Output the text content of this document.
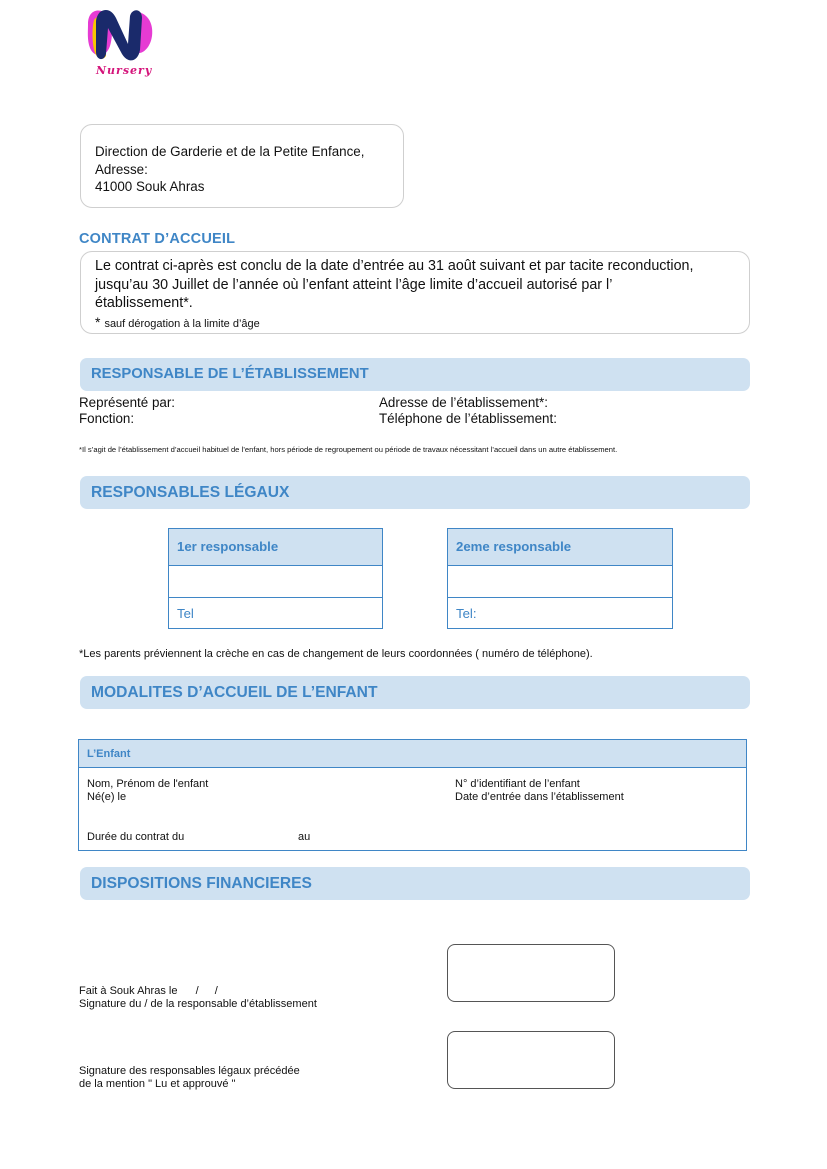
Nursery
Direction de Garderie et de la Petite Enfance,
Adresse:
41000 Souk Ahras
CONTRAT D’ACCUEIL
Le contrat ci-après est conclu de la date d’entrée au 31 août suivant et par tacite reconduction,
jusqu’au 30 Juillet de l’année où l’enfant atteint l’âge limite d’accueil autorisé par l’
établissement*.
* sauf dérogation à la limite d’âge
RESPONSABLE DE L’ÉTABLISSEMENT
Représenté par:
Fonction:
Adresse de l’établissement*:
Téléphone de l’établissement:
*Il s’agit de l’établissement d’accueil habituel de l’enfant, hors période de regroupement ou période de travaux nécessitant l’accueil dans un autre établissement.
RESPONSABLES LÉGAUX
1er responsable
Tel
2eme responsable
Tel:
*Les parents préviennent la crèche en cas de changement de leurs coordonnées ( numéro de téléphone).
MODALITES D’ACCUEIL DE L’ENFANT
L’Enfant
Nom, Prénom de l'enfant
Né(e) le
N° d’identifiant de l’enfant
Date d’entrée dans l’établissement
Durée du contrat du	au
DISPOSITIONS FINANCIERES
Fait à Souk Ahras le / /
Signature du / de la responsable d’établissement
Signature des responsables légaux précédée
de la mention " Lu et approuvé "
